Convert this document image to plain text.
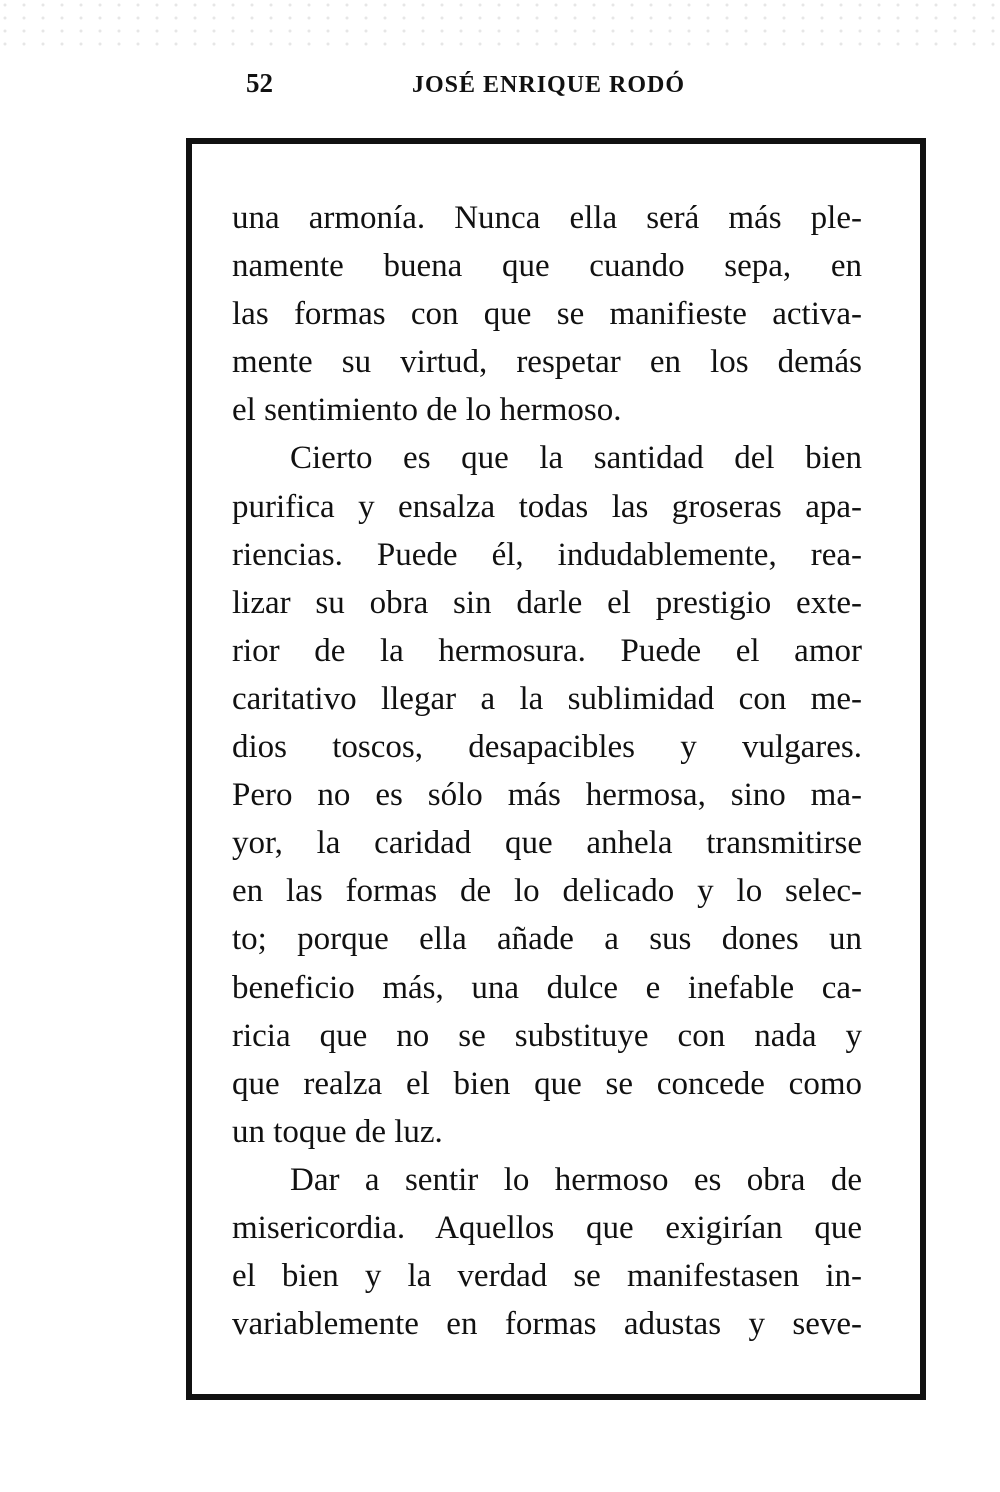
52	JOSÉ ENRIQUE RODÓ
una armonía. Nunca ella será más ple-
namente buena que cuando sepa, en
las formas con que se manifieste activa-
mente su virtud, respetar en los demás
el sentimiento de lo hermoso.
Cierto es que la santidad del bien
purifica y ensalza todas las groseras apa-
riencias. Puede él, indudablemente, rea-
lizar su obra sin darle el prestigio exte-
rior de la hermosura. Puede el amor
caritativo llegar a la sublimidad con me-
dios toscos, desapacibles y vulgares.
Pero no es sólo más hermosa, sino ma-
yor, la caridad que anhela transmitirse
en las formas de lo delicado y lo selec-
to; porque ella añade a sus dones un
beneficio más, una dulce e inefable ca-
ricia que no se substituye con nada y
que realza el bien que se concede como
un toque de luz.
Dar a sentir lo hermoso es obra de
misericordia. Aquellos que exigirían que
el bien y la verdad se manifestasen in-
variablemente en formas adustas y seve-
